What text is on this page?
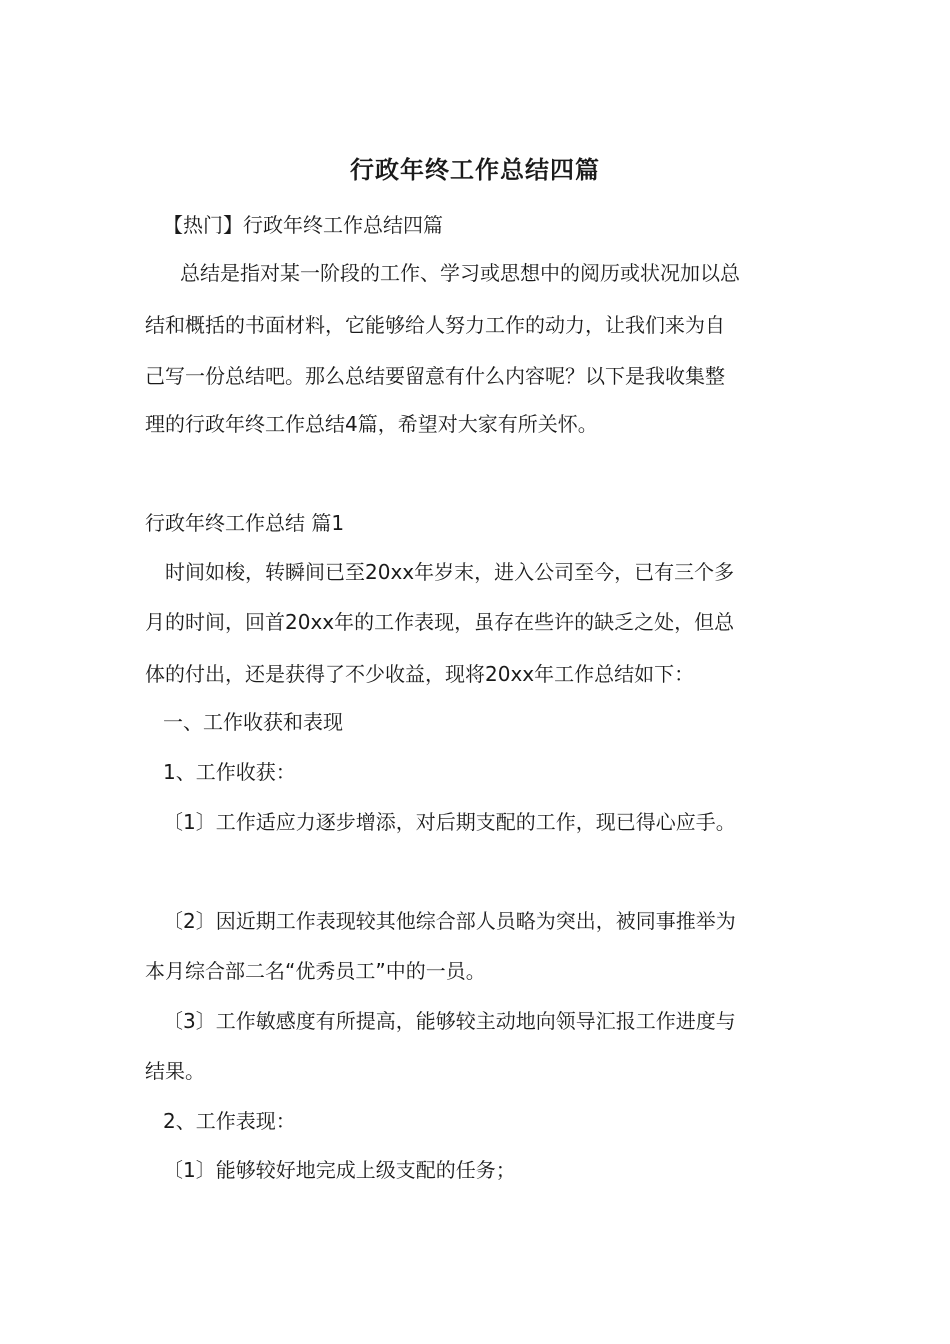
行政年终工作总结四篇
【热门】行政年终工作总结四篇
总结是指对某一阶段的工作、学习或思想中的阅历或状况加以总
结和概括的书面材料，它能够给人努力工作的动力，让我们来为自
己写一份总结吧。那么总结要留意有什么内容呢？以下是我收集整
理的行政年终工作总结4篇，希望对大家有所关怀。
行政年终工作总结 篇1
时间如梭，转瞬间已至20xx年岁末，进入公司至今，已有三个多
月的时间，回首20xx年的工作表现，虽存在些许的缺乏之处，但总
体的付出，还是获得了不少收益，现将20xx年工作总结如下：
一、工作收获和表现
1、工作收获：
〔1〕工作适应力逐步增添，对后期支配的工作，现已得心应手。
〔2〕因近期工作表现较其他综合部人员略为突出，被同事推举为
本月综合部二名“优秀员工”中的一员。
〔3〕工作敏感度有所提高，能够较主动地向领导汇报工作进度与
结果。
2、工作表现：
〔1〕能够较好地完成上级支配的任务；
